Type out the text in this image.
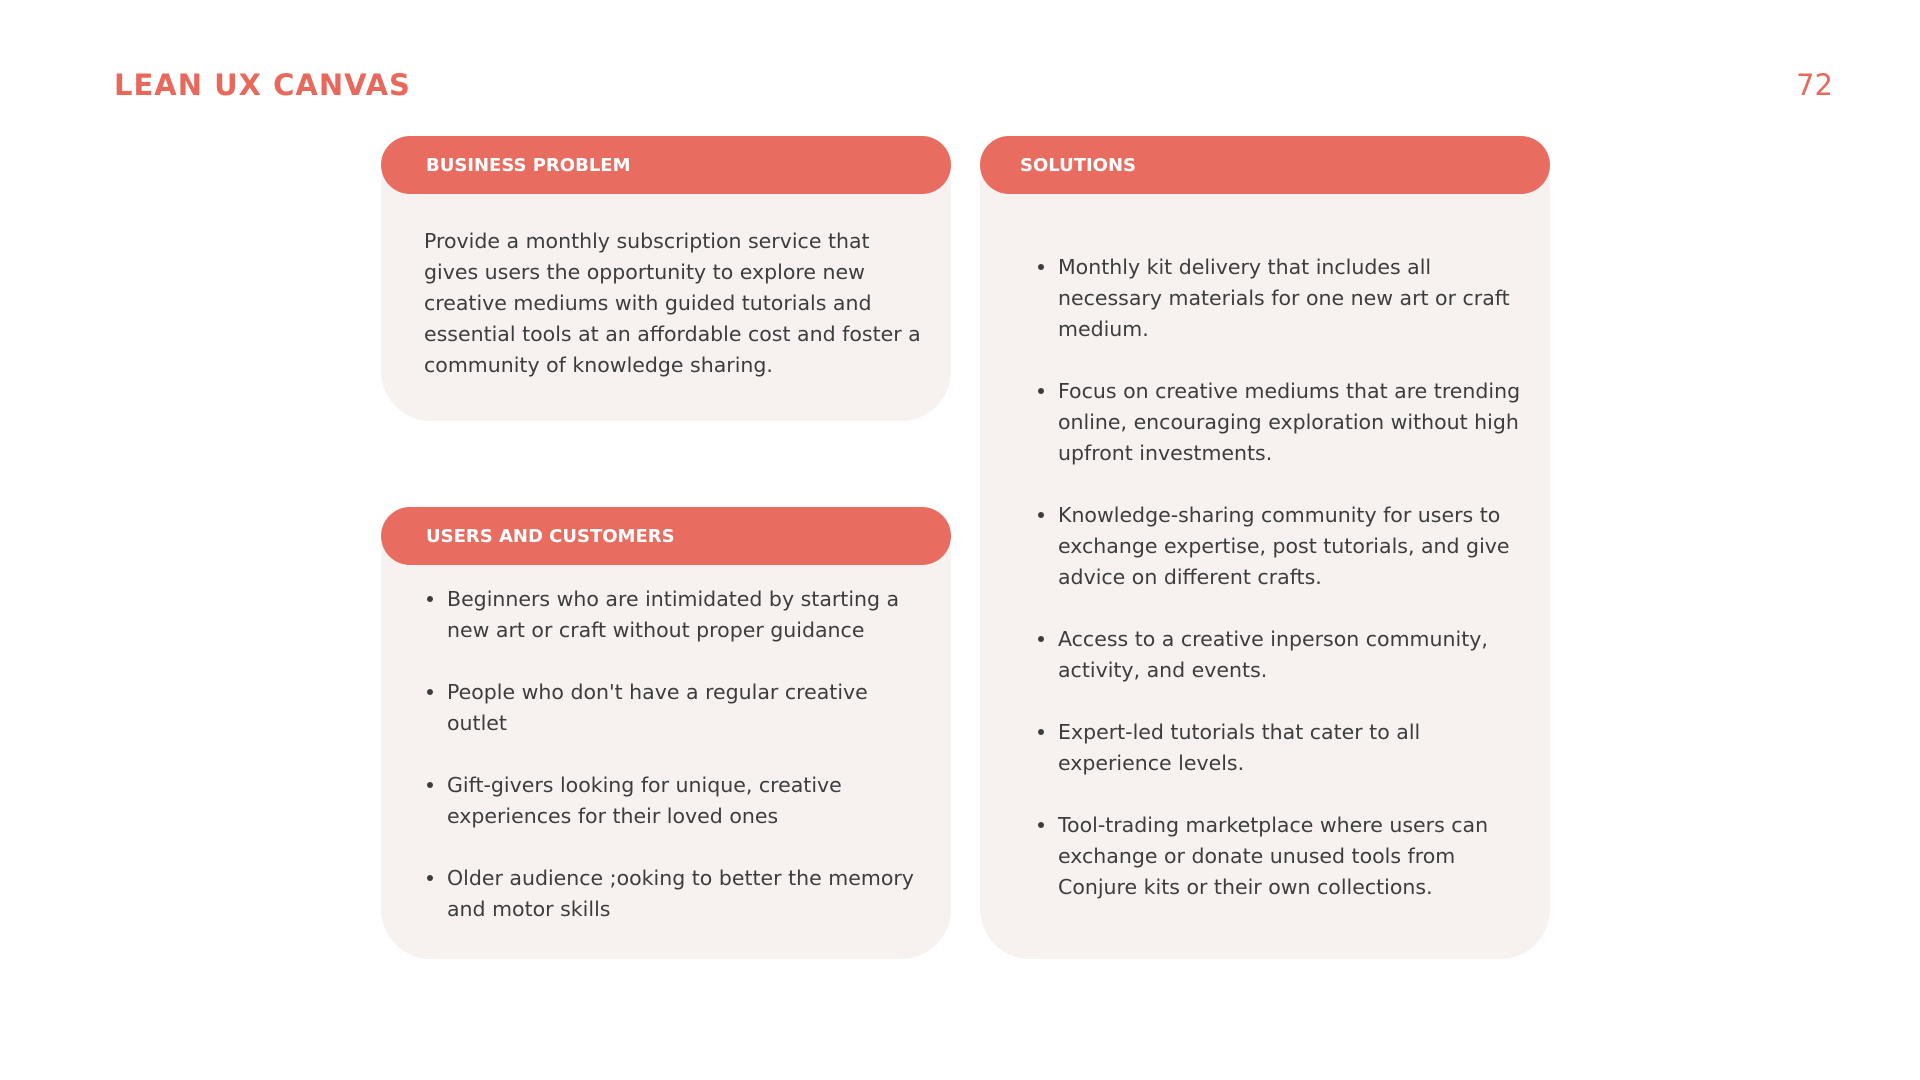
LEAN UX CANVAS	72
BUSINESS PROBLEM

Provide a monthly subscription service that gives users the opportunity to explore new creative mediums with guided tutorials and essential tools at an affordable cost and foster a community of knowledge sharing.

USERS AND CUSTOMERS
Beginners who are intimidated by starting a new art or craft without proper guidance
People who don't have a regular creative outlet
Gift-givers looking for unique, creative experiences for their loved ones
Older audience ;ooking to better the memory and motor skills
SOLUTIONS
Monthly kit delivery that includes all necessary materials for one new art or craft medium.
Focus on creative mediums that are trending online, encouraging exploration without high upfront investments.
Knowledge-sharing community for users to exchange expertise, post tutorials, and give advice on different crafts.
Access to a creative inperson community, activity, and events.
Expert-led tutorials that cater to all experience levels.
Tool-trading marketplace where users can exchange or donate unused tools from Conjure kits or their own collections.
